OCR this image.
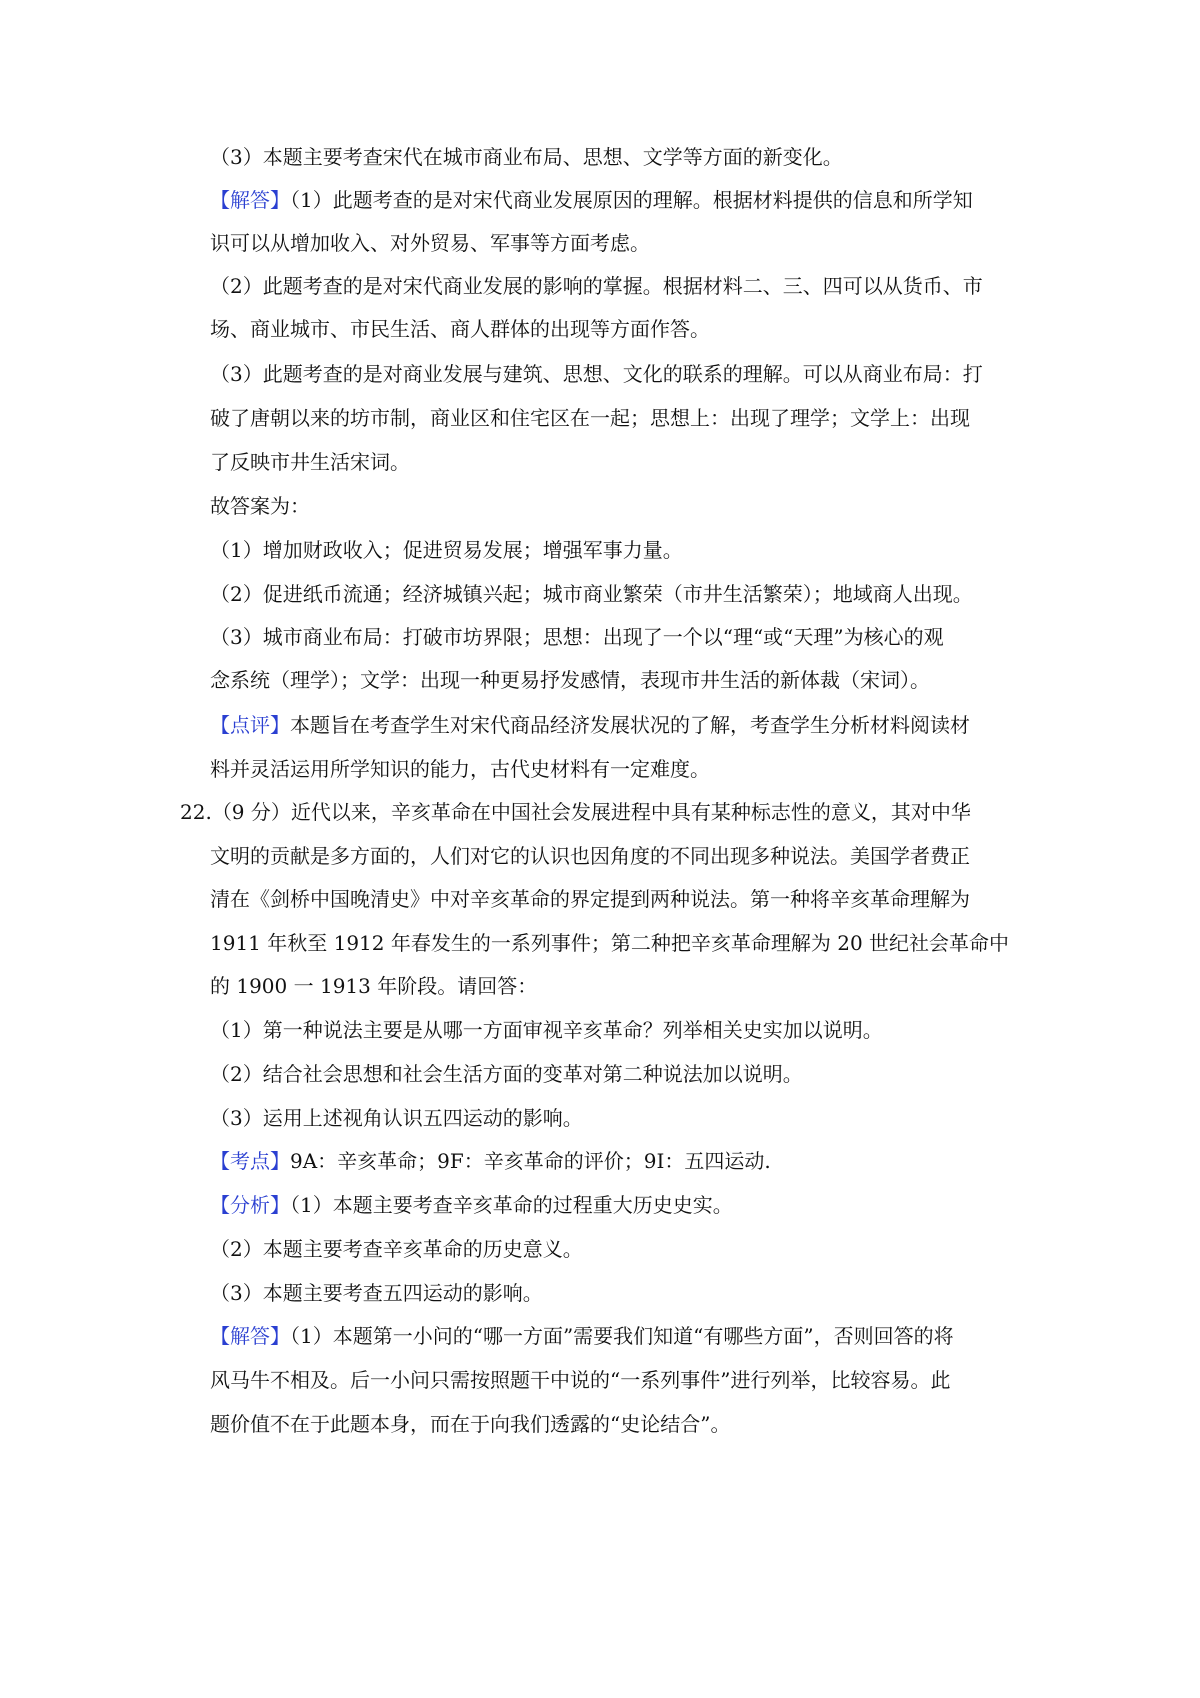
（3）本题主要考查宋代在城市商业布局、思想、文学等方面的新变化。
【解答】（1）此题考查的是对宋代商业发展原因的理解。根据材料提供的信息和所学知
识可以从增加收入、对外贸易、军事等方面考虑。
（2）此题考查的是对宋代商业发展的影响的掌握。根据材料二、三、四可以从货币、市
场、商业城市、市民生活、商人群体的出现等方面作答。
（3）此题考查的是对商业发展与建筑、思想、文化的联系的理解。可以从商业布局：打
破了唐朝以来的坊市制，商业区和住宅区在一起；思想上：出现了理学；文学上：出现
了反映市井生活宋词。
故答案为：
（1）增加财政收入；促进贸易发展；增强军事力量。
（2）促进纸币流通；经济城镇兴起；城市商业繁荣（市井生活繁荣）；地域商人出现。
（3）城市商业布局：打破市坊界限；思想：出现了一个以“理“或“天理”为核心的观
念系统（理学）；文学：出现一种更易抒发感情，表现市井生活的新体裁（宋词）。
【点评】本题旨在考查学生对宋代商品经济发展状况的了解，考查学生分析材料阅读材
料并灵活运用所学知识的能力，古代史材料有一定难度。
22.（9 分）近代以来，辛亥革命在中国社会发展进程中具有某种标志性的意义，其对中华
文明的贡献是多方面的，人们对它的认识也因角度的不同出现多种说法。美国学者费正
清在《剑桥中国晚清史》中对辛亥革命的界定提到两种说法。第一种将辛亥革命理解为
1911 年秋至 1912 年春发生的一系列事件；第二种把辛亥革命理解为 20 世纪社会革命中
的 1900 一 1913 年阶段。请回答：
（1）第一种说法主要是从哪一方面审视辛亥革命？列举相关史实加以说明。
（2）结合社会思想和社会生活方面的变革对第二种说法加以说明。
（3）运用上述视角认识五四运动的影响。
【考点】9A：辛亥革命；9F：辛亥革命的评价；9I：五四运动.
【分析】（1）本题主要考查辛亥革命的过程重大历史史实。
（2）本题主要考查辛亥革命的历史意义。
（3）本题主要考查五四运动的影响。
【解答】（1）本题第一小问的“哪一方面”需要我们知道“有哪些方面”，否则回答的将
风马牛不相及。后一小问只需按照题干中说的“一系列事件”进行列举，比较容易。此
题价值不在于此题本身，而在于向我们透露的“史论结合”。
